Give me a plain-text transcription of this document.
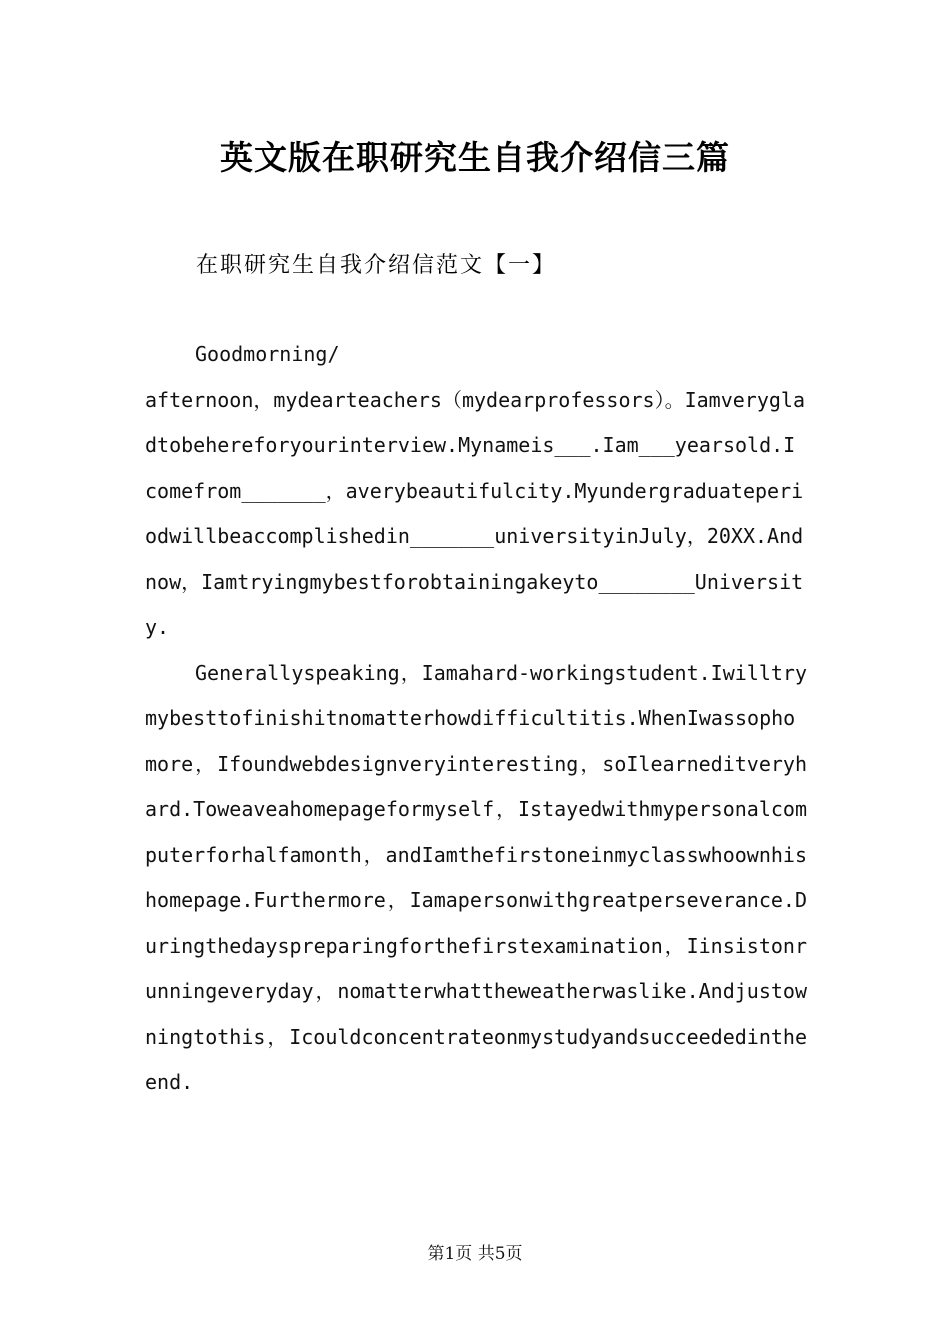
英文版在职研究生自我介绍信三篇
在职研究生自我介绍信范文【一】

Goodmorning/

afternoon，mydearteachers（mydearprofessors）。Iamverygladtobehereforyourinterview.Mynameis___.Iam___yearsold.Icomefrom_______，averybeautifulcity.Myundergraduateperiodwillbeaccomplishedin_______universityinJuly，20XX.Andnow，Iamtryingmybestforobtainingakeyto________University.

Generallyspeaking，Iamahard-workingstudent.Iwilltrymybesttofinishitnomatterhowdifficultitis.WhenIwassophomore，Ifoundwebdesignveryinteresting，soIlearneditveryhard.Toweaveahomepageformyself，Istayedwithmypersonalcomputerforhalfamonth，andIamthefirstoneinmyclasswhoownhishomepage.Furthermore，Iamapersonwithgreatperseverance.Duringthedayspreparingforthefirstexamination，Iinsistonrunningeveryday，nomatterwhattheweatherwaslike.Andjustowningtothis，Icouldconcentrateonmystudyandsucceededintheend.

第1页 共5页
